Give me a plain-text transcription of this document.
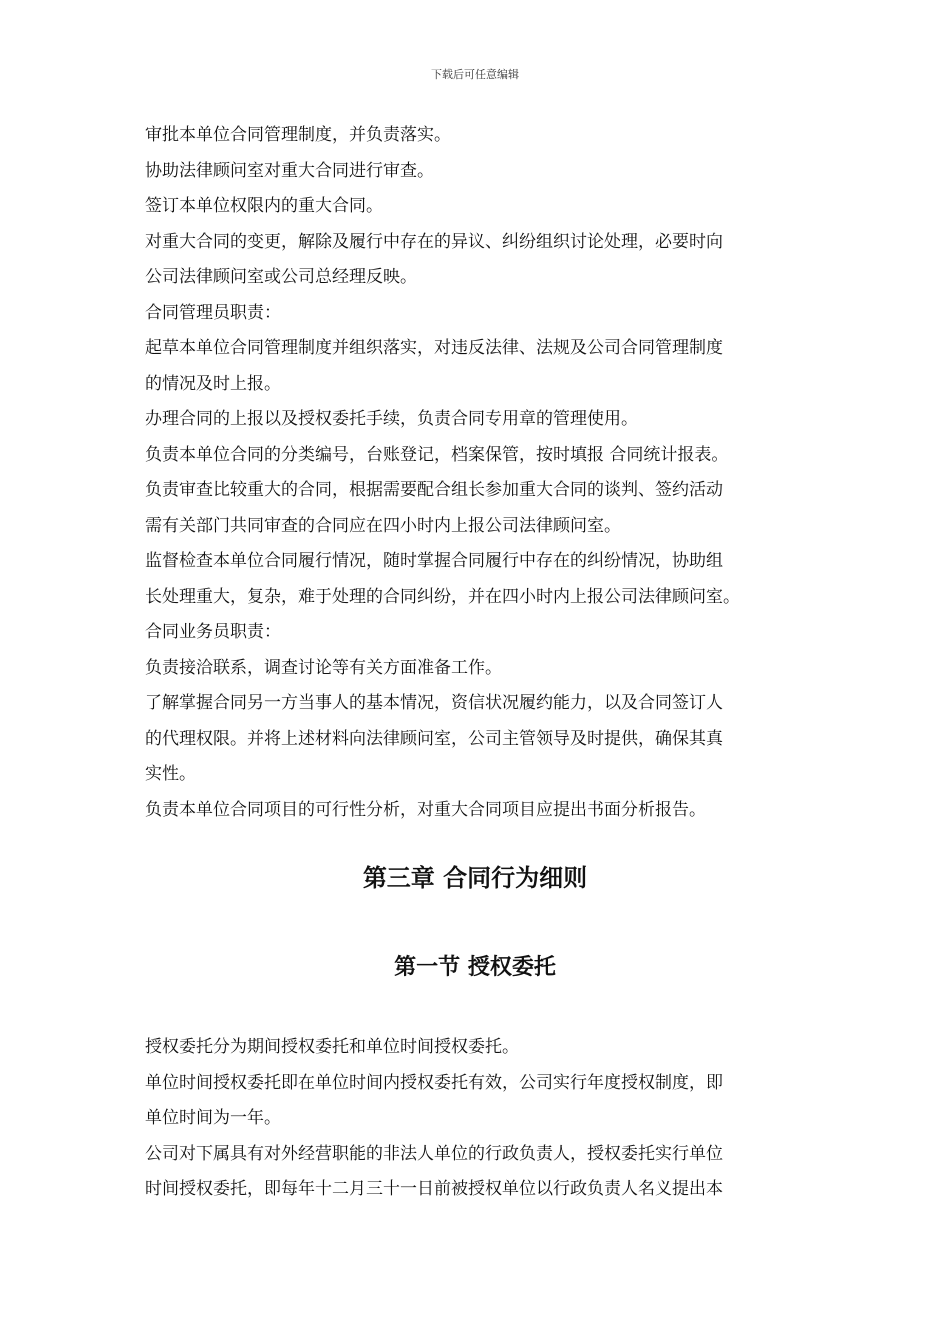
下载后可任意编辑

审批本单位合同管理制度，并负责落实。

协助法律顾问室对重大合同进行审查。

签订本单位权限内的重大合同。

对重大合同的变更，解除及履行中存在的异议、纠纷组织讨论处理，必要时向

公司法律顾问室或公司总经理反映。

合同管理员职责：

起草本单位合同管理制度并组织落实，对违反法律、法规及公司合同管理制度

的情况及时上报。

办理合同的上报以及授权委托手续，负责合同专用章的管理使用。

负责本单位合同的分类编号，台账登记，档案保管，按时填报 合同统计报表。

负责审查比较重大的合同，根据需要配合组长参加重大合同的谈判、签约活动

需有关部门共同审查的合同应在四小时内上报公司法律顾问室。

监督检查本单位合同履行情况，随时掌握合同履行中存在的纠纷情况，协助组

长处理重大，复杂，难于处理的合同纠纷，并在四小时内上报公司法律顾问室。

合同业务员职责：

负责接洽联系，调查讨论等有关方面准备工作。

了解掌握合同另一方当事人的基本情况，资信状况履约能力，以及合同签订人

的代理权限。并将上述材料向法律顾问室，公司主管领导及时提供，确保其真

实性。

负责本单位合同项目的可行性分析，对重大合同项目应提出书面分析报告。

第三章 合同行为细则
第一节 授权委托

授权委托分为期间授权委托和单位时间授权委托。

单位时间授权委托即在单位时间内授权委托有效，公司实行年度授权制度，即

单位时间为一年。

公司对下属具有对外经营职能的非法人单位的行政负责人，授权委托实行单位

时间授权委托，即每年十二月三十一日前被授权单位以行政负责人名义提出本
